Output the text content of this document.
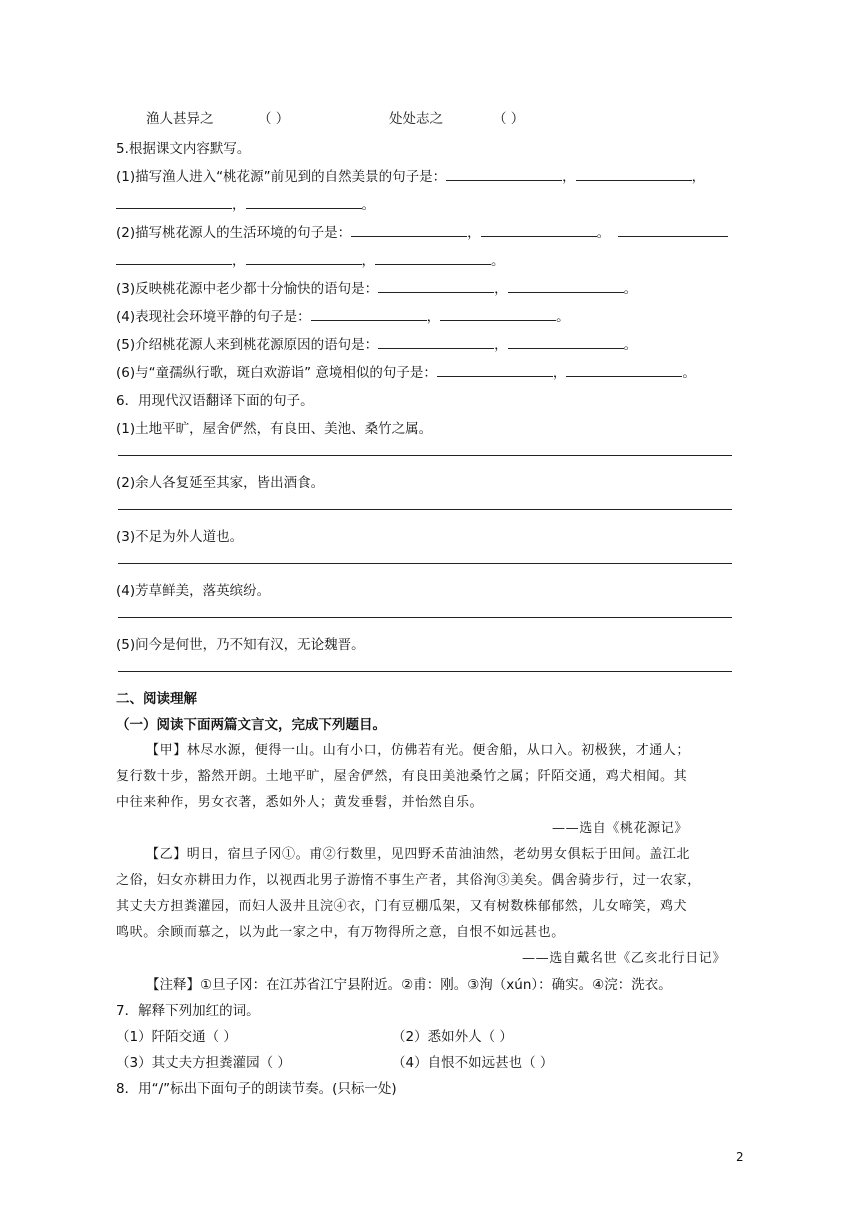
渔人甚异之	（ ）	处处志之	（ ）
5.根据课文内容默写。
(1)描写渔人进入“桃花源”前见到的自然美景的句子是：	，	，
，	。
(2)描写桃花源人的生活环境的句子是：	，	。
，	，	。
(3)反映桃花源中老少都十分愉快的语句是：	，	。
(4)表现社会环境平静的句子是：	，	。
(5)介绍桃花源人来到桃花源原因的语句是：	，	。
(6)与“童孺纵行歌，斑白欢游诣” 意境相似的句子是：	，	。
6．用现代汉语翻译下面的句子。
(1)土地平旷，屋舍俨然，有良田、美池、桑竹之属。
(2)余人各复延至其家，皆出酒食。
(3)不足为外人道也。
(4)芳草鲜美，落英缤纷。
(5)问今是何世，乃不知有汉，无论魏晋。
二、阅读理解
（一）阅读下面两篇文言文，完成下列题目。
【甲】林尽水源，便得一山。山有小口，仿佛若有光。便舍船，从口入。初极狭，才通人；
复行数十步，豁然开朗。土地平旷，屋舍俨然，有良田美池桑竹之属；阡陌交通，鸡犬相闻。其
中往来种作，男女衣著，悉如外人；黄发垂髫，并怡然自乐。
——选自《桃花源记》
【乙】明日，宿旦子冈①。甫②行数里，见四野禾苗油油然，老幼男女俱耘于田间。盖江北
之俗，妇女亦耕田力作，以视西北男子游惰不事生产者，其俗洵③美矣。偶舍骑步行，过一农家，
其丈夫方担粪灌园，而妇人汲井且浣④衣，门有豆棚瓜架，又有树数株郁郁然，儿女啼笑，鸡犬
鸣吠。余顾而慕之，以为此一家之中，有万物得所之意，自恨不如远甚也。
——选自戴名世《乙亥北行日记》
【注释】①旦子冈：在江苏省江宁县附近。②甫：刚。③洵（xún）：确实。④浣：洗衣。
7．解释下列加红的词。
（1）阡陌交通（ ）	（2）悉如外人（ ）
（3）其丈夫方担粪灌园（ ）	（4）自恨不如远甚也（ ）
8．用“/”标出下面句子的朗读节奏。(只标一处)
2
